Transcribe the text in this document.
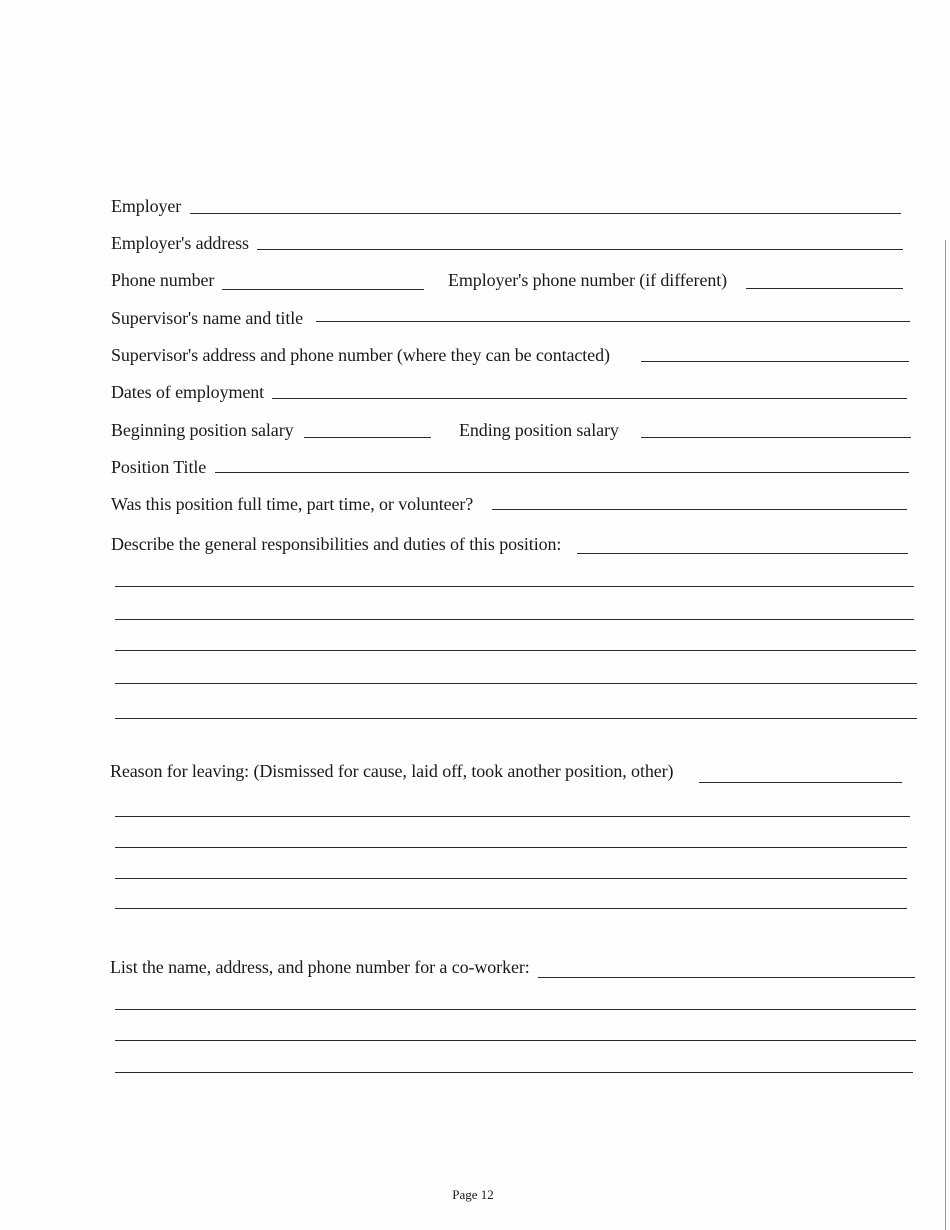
Employer
Employer's address
Phone number	Employer's phone number (if different)
Supervisor's name and title
Supervisor's address and phone number (where they can be contacted)
Dates of employment
Beginning position salary	Ending position salary
Position Title
Was this position full time, part time, or volunteer?
Describe the general responsibilities and duties of this position:
Reason for leaving: (Dismissed for cause, laid off, took another position, other)
List the name, address, and phone number for a co-worker:
Page 12
